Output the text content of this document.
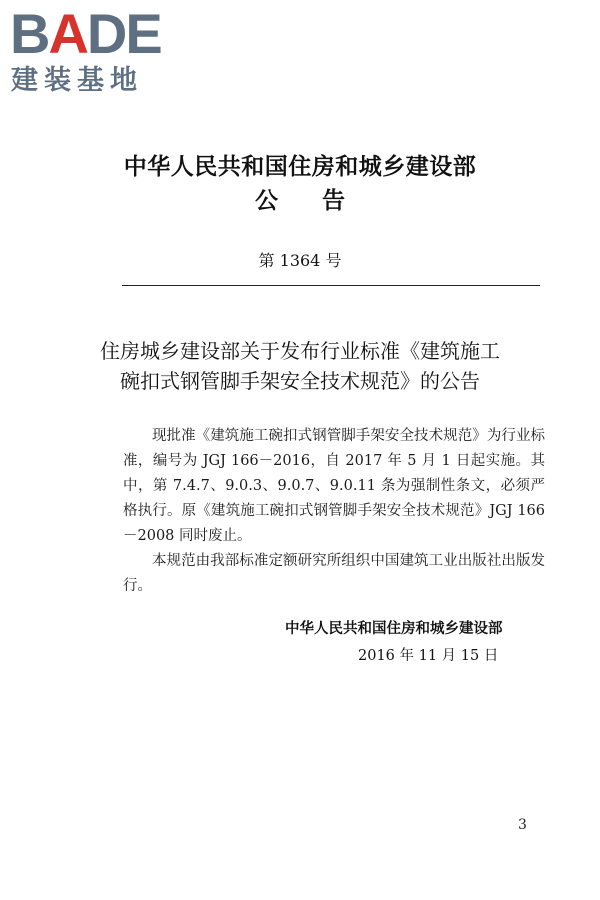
BADE
建装基地
中华人民共和国住房和城乡建设部
公告
第 1364 号
住房城乡建设部关于发布行业标准《建筑施工
碗扣式钢管脚手架安全技术规范》的公告

现批准《建筑施工碗扣式钢管脚手架安全技术规范》为行业标准，编号为 JGJ 166－2016，自 2017 年 5 月 1 日起实施。其中，第 7.4.7、9.0.3、9.0.7、9.0.11 条为强制性条文，必须严格执行。原《建筑施工碗扣式钢管脚手架安全技术规范》JGJ 166－2008 同时废止。

本规范由我部标准定额研究所组织中国建筑工业出版社出版发行。

中华人民共和国住房和城乡建设部
2016 年 11 月 15 日
3
